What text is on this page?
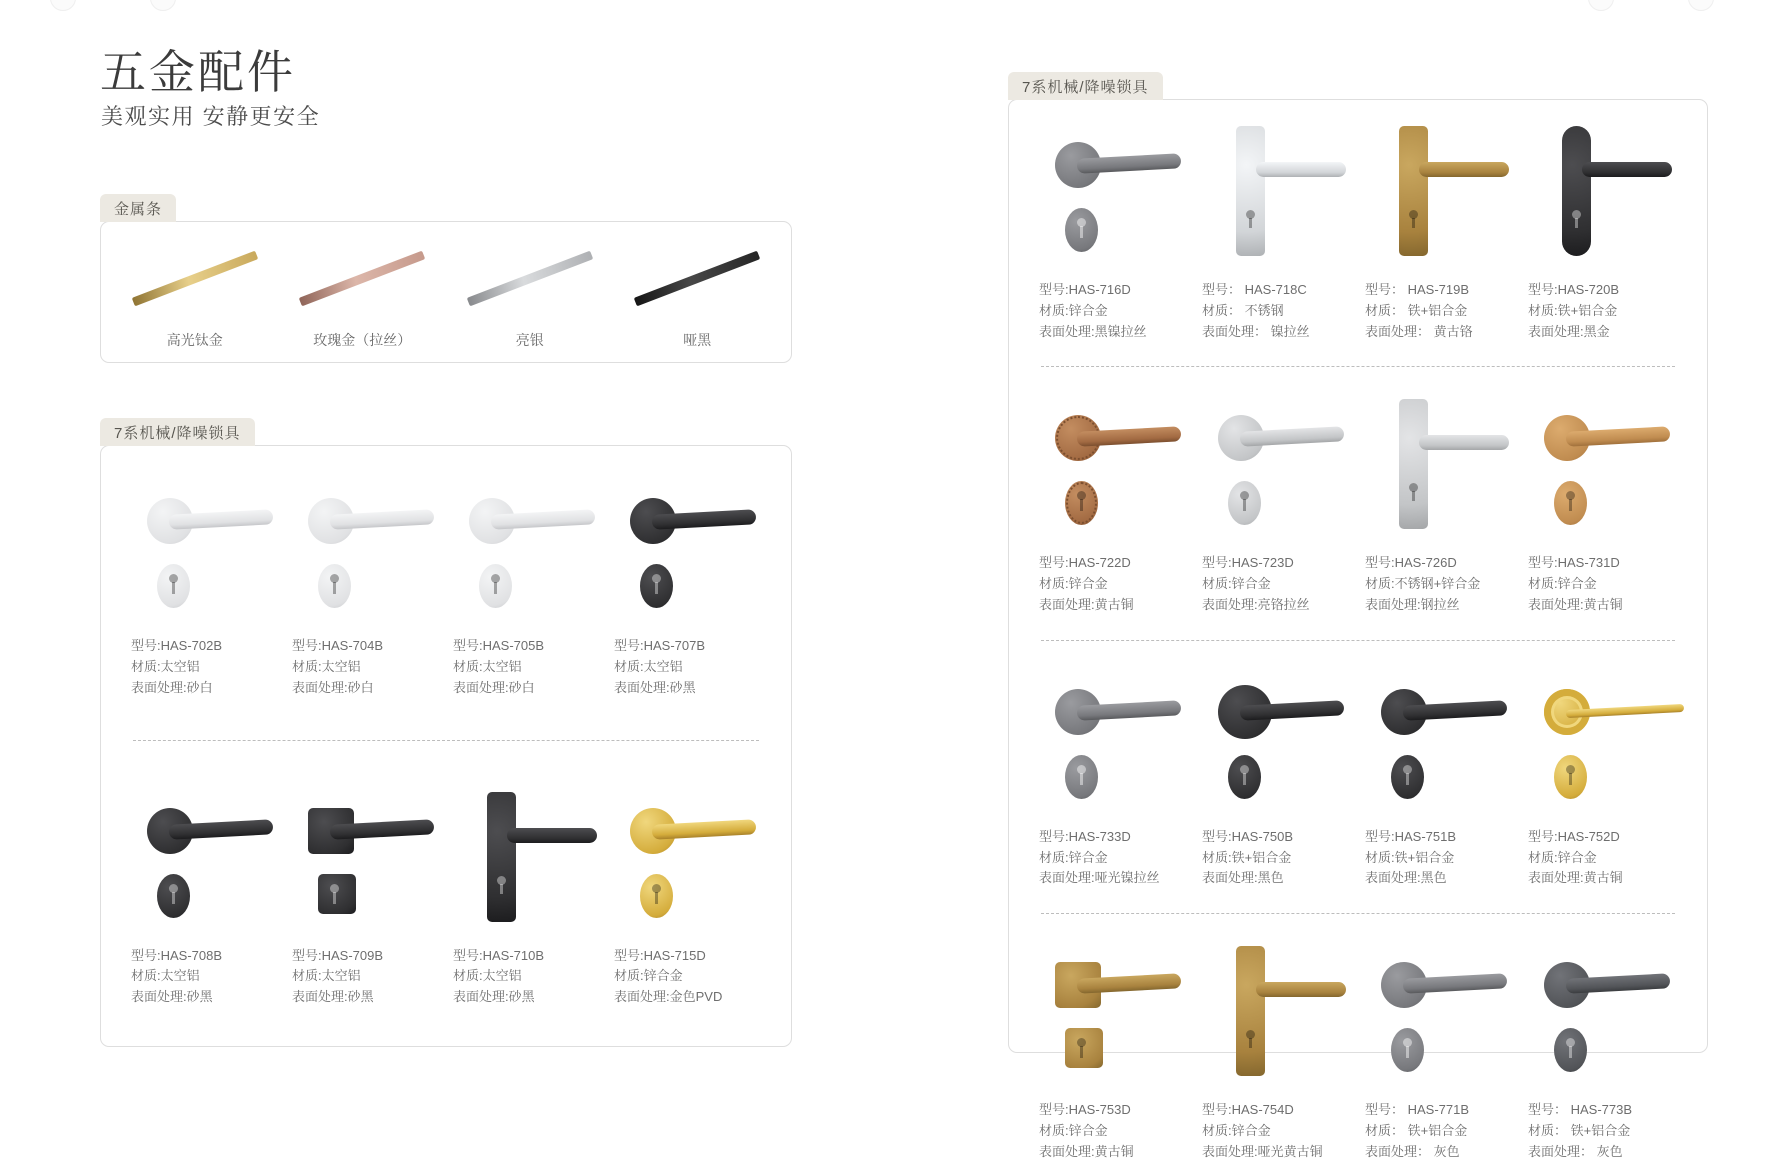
五金配件
美观实用 安静更安全
金属条
高光钛金	玫瑰金（拉丝）	亮银	哑黑
7系机械/降噪锁具
型号:HAS-702B
材质:太空铝
表面处理:砂白
型号:HAS-704B
材质:太空铝
表面处理:砂白
型号:HAS-705B
材质:太空铝
表面处理:砂白
型号:HAS-707B
材质:太空铝
表面处理:砂黑
型号:HAS-708B
材质:太空铝
表面处理:砂黑
型号:HAS-709B
材质:太空铝
表面处理:砂黑
型号:HAS-710B
材质:太空铝
表面处理:砂黑
型号:HAS-715D
材质:锌合金
表面处理:金色PVD
7系机械/降噪锁具
型号:HAS-716D
材质:锌合金
表面处理:黑镍拉丝
型号： HAS-718C
材质： 不锈钢
表面处理： 镍拉丝
型号： HAS-719B
材质： 铁+铝合金
表面处理： 黄古铬
型号:HAS-720B
材质:铁+铝合金
表面处理:黑金
型号:HAS-722D
材质:锌合金
表面处理:黄古铜
型号:HAS-723D
材质:锌合金
表面处理:亮铬拉丝
型号:HAS-726D
材质:不锈钢+锌合金
表面处理:钢拉丝
型号:HAS-731D
材质:锌合金
表面处理:黄古铜
型号:HAS-733D
材质:锌合金
表面处理:哑光镍拉丝
型号:HAS-750B
材质:铁+铝合金
表面处理:黑色
型号:HAS-751B
材质:铁+铝合金
表面处理:黑色
型号:HAS-752D
材质:锌合金
表面处理:黄古铜
型号:HAS-753D
材质:锌合金
表面处理:黄古铜
型号:HAS-754D
材质:锌合金
表面处理:哑光黄古铜
型号： HAS-771B
材质： 铁+铝合金
表面处理： 灰色
型号： HAS-773B
材质： 铁+铝合金
表面处理： 灰色
